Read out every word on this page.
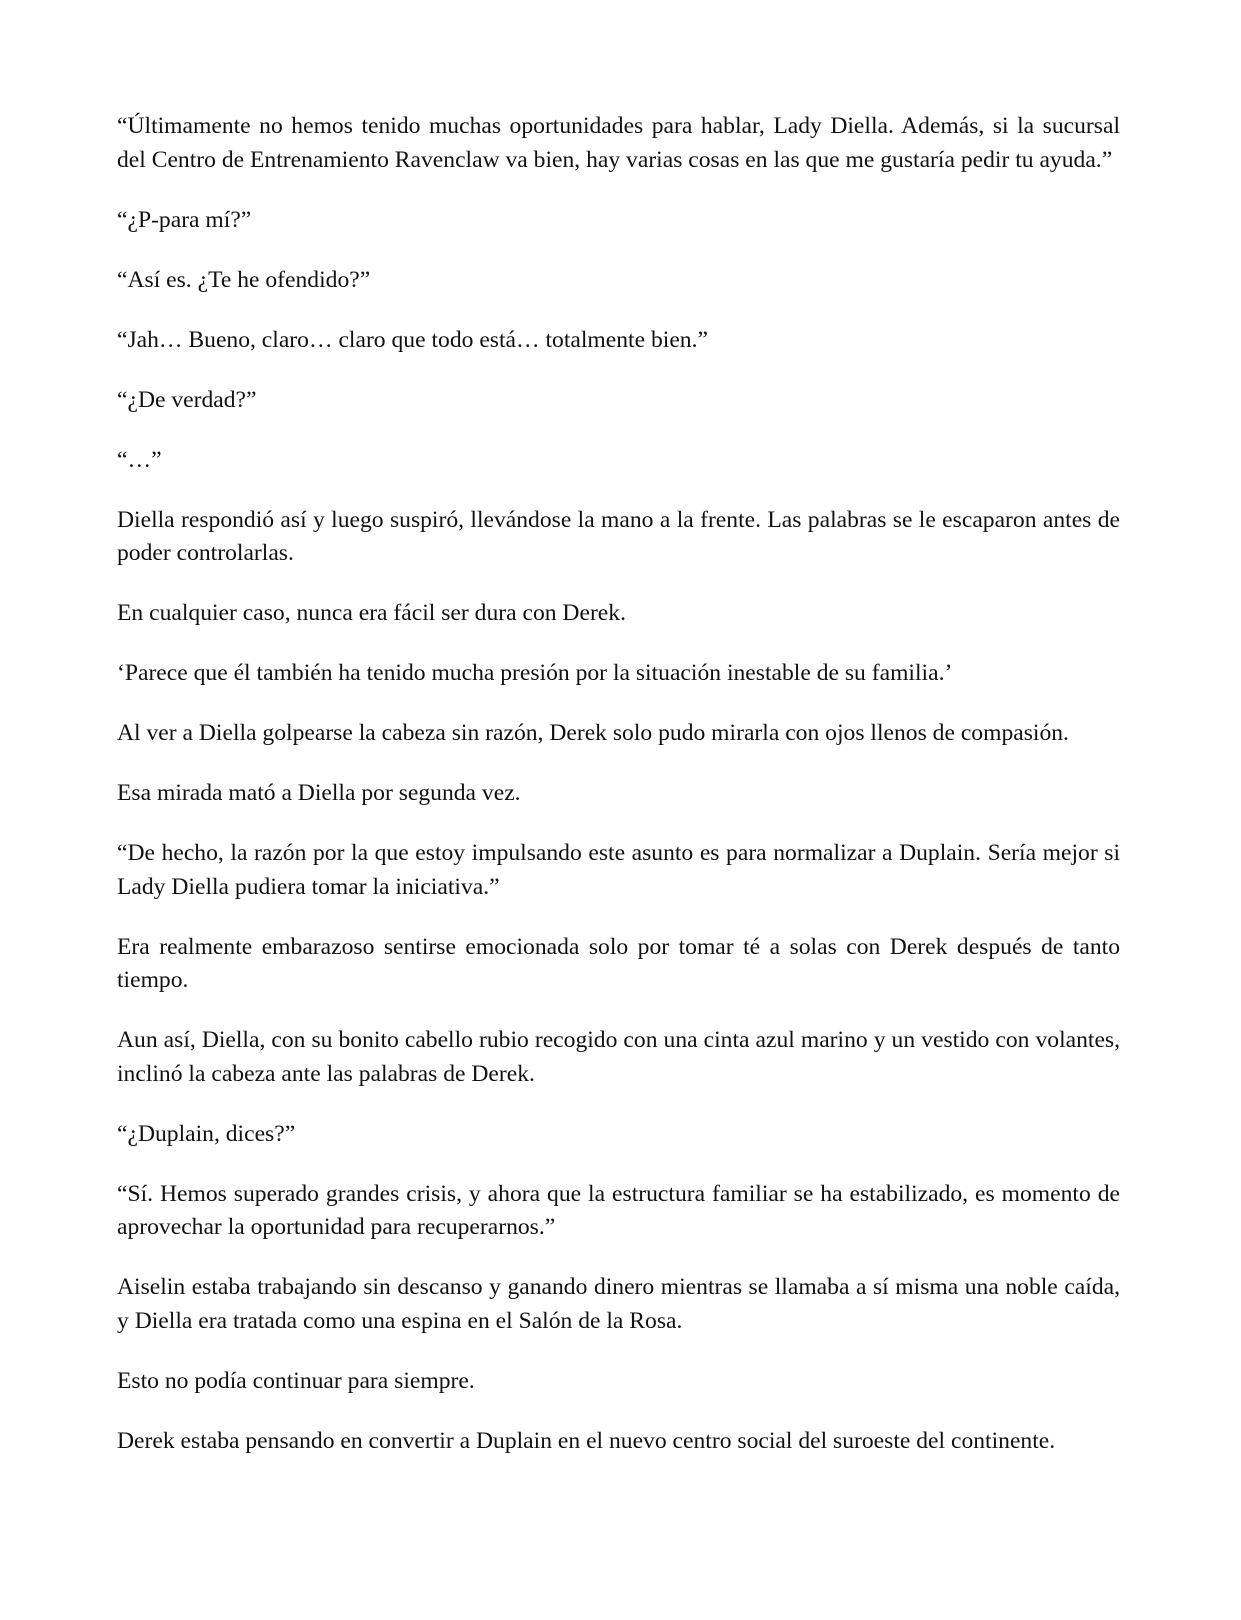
“Últimamente no hemos tenido muchas oportunidades para hablar, Lady Diella. Además, si la sucursal del Centro de Entrenamiento Ravenclaw va bien, hay varias cosas en las que me gustaría pedir tu ayuda.”

“¿P-para mí?”

“Así es. ¿Te he ofendido?”

“Jah… Bueno, claro… claro que todo está… totalmente bien.”

“¿De verdad?”

“…”

Diella respondió así y luego suspiró, llevándose la mano a la frente. Las palabras se le escaparon antes de poder controlarlas.

En cualquier caso, nunca era fácil ser dura con Derek.

‘Parece que él también ha tenido mucha presión por la situación inestable de su familia.’

Al ver a Diella golpearse la cabeza sin razón, Derek solo pudo mirarla con ojos llenos de compasión.

Esa mirada mató a Diella por segunda vez.

“De hecho, la razón por la que estoy impulsando este asunto es para normalizar a Duplain. Sería mejor si Lady Diella pudiera tomar la iniciativa.”

Era realmente embarazoso sentirse emocionada solo por tomar té a solas con Derek después de tanto tiempo.

Aun así, Diella, con su bonito cabello rubio recogido con una cinta azul marino y un vestido con volantes, inclinó la cabeza ante las palabras de Derek.

“¿Duplain, dices?”

“Sí. Hemos superado grandes crisis, y ahora que la estructura familiar se ha estabilizado, es momento de aprovechar la oportunidad para recuperarnos.”

Aiselin estaba trabajando sin descanso y ganando dinero mientras se llamaba a sí misma una noble caída, y Diella era tratada como una espina en el Salón de la Rosa.

Esto no podía continuar para siempre.

Derek estaba pensando en convertir a Duplain en el nuevo centro social del suroeste del continente.
